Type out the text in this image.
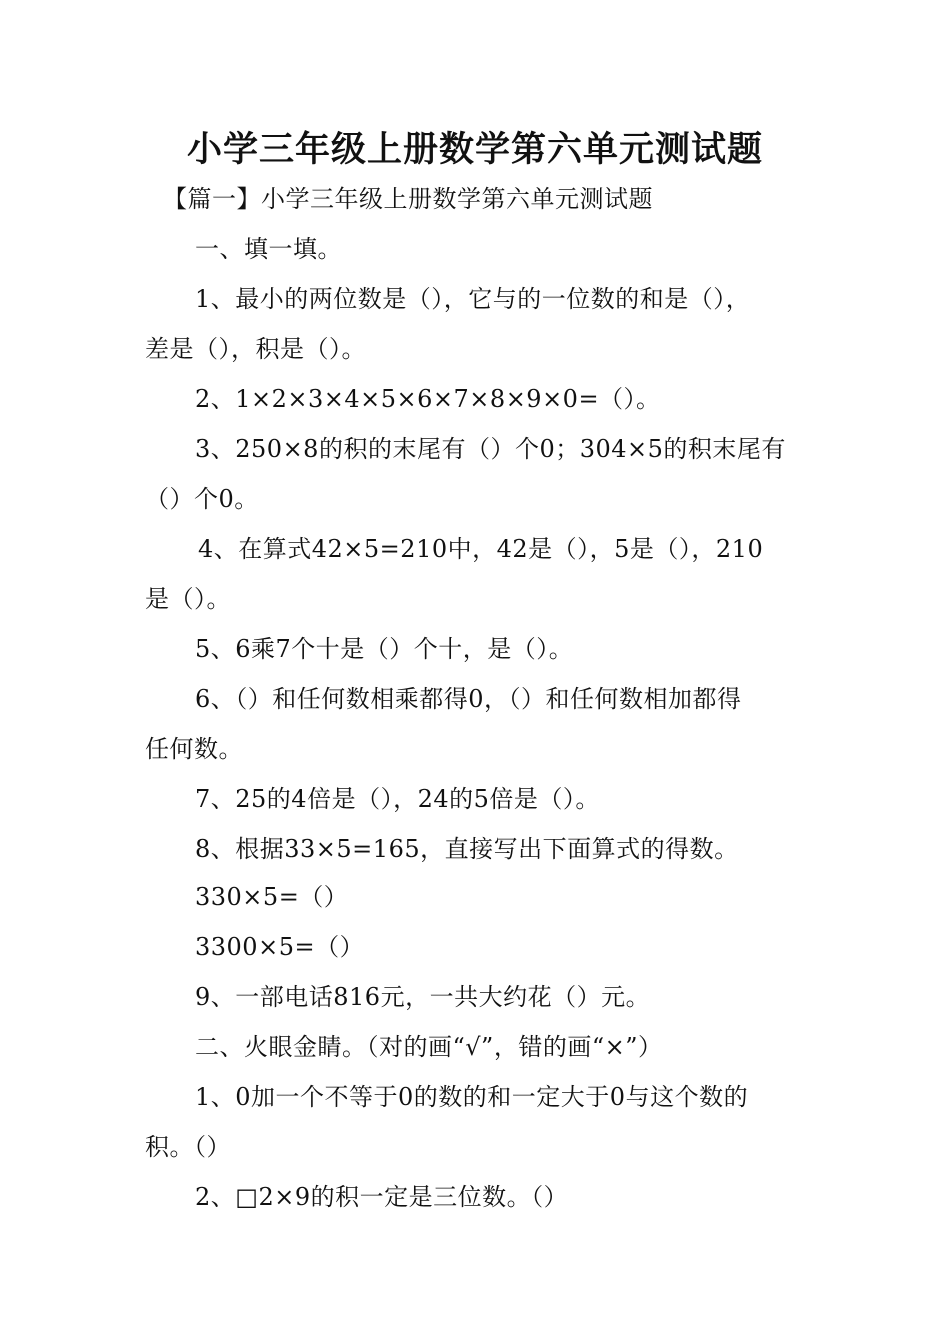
小学三年级上册数学第六单元测试题
【篇一】小学三年级上册数学第六单元测试题
一、填一填。
1、最小的两位数是（），它与的一位数的和是（），
差是（），积是（）。
2、1×2×3×4×5×6×7×8×9×0=（）。
3、250×8的积的末尾有（）个0；304×5的积末尾有
（）个0。
4、在算式42×5=210中，42是（），5是（），210
是（）。
5、6乘7个十是（）个十，是（）。
6、（）和任何数相乘都得0，（）和任何数相加都得
任何数。
7、25的4倍是（），24的5倍是（）。
8、根据33×5=165，直接写出下面算式的得数。
330×5=（）
3300×5=（）
9、一部电话816元，一共大约花（）元。
二、火眼金睛。（对的画“√”，错的画“×”）
1、0加一个不等于0的数的和一定大于0与这个数的
积。（）
2、□2×9的积一定是三位数。（）
